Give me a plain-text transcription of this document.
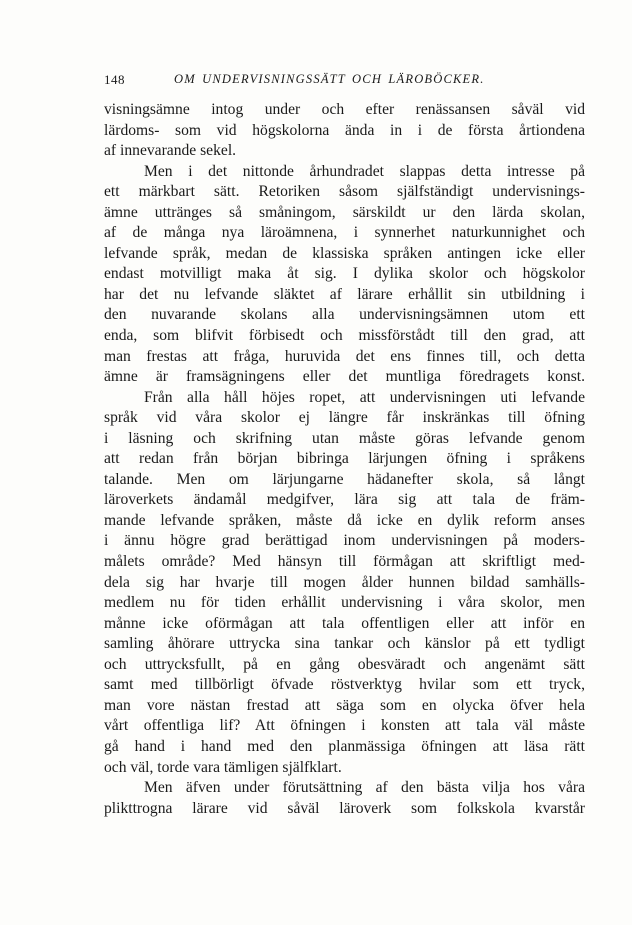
148	OM UNDERVISNINGSSÄTT OCH LÄROBÖCKER.
visningsämne intog under och efter renässansen såväl vid
lärdoms- som vid högskolorna ända in i de första årtiondena
af innevarande sekel.
Men i det nittonde århundradet slappas detta intresse på
ett märkbart sätt. Retoriken såsom själfständigt undervisnings-
ämne uttränges så småningom, särskildt ur den lärda skolan,
af de många nya läroämnena, i synnerhet naturkunnighet och
lefvande språk, medan de klassiska språken antingen icke eller
endast motvilligt maka åt sig. I dylika skolor och högskolor
har det nu lefvande släktet af lärare erhållit sin utbildning i
den nuvarande skolans alla undervisningsämnen utom ett
enda, som blifvit förbisedt och missförstådt till den grad, att
man frestas att fråga, huruvida det ens finnes till, och detta
ämne är framsägningens eller det muntliga föredragets konst.
Från alla håll höjes ropet, att undervisningen uti lefvande
språk vid våra skolor ej längre får inskränkas till öfning
i läsning och skrifning utan måste göras lefvande genom
att redan från början bibringa lärjungen öfning i språkens
talande. Men om lärjungarne hädanefter skola, så långt
läroverkets ändamål medgifver, lära sig att tala de främ-
mande lefvande språken, måste då icke en dylik reform anses
i ännu högre grad berättigad inom undervisningen på moders-
målets område? Med hänsyn till förmågan att skriftligt med-
dela sig har hvarje till mogen ålder hunnen bildad samhälls-
medlem nu för tiden erhållit undervisning i våra skolor, men
månne icke oförmågan att tala offentligen eller att inför en
samling åhörare uttrycka sina tankar och känslor på ett tydligt
och uttrycksfullt, på en gång obesväradt och angenämt sätt
samt med tillbörligt öfvade röstverktyg hvilar som ett tryck,
man vore nästan frestad att säga som en olycka öfver hela
vårt offentliga lif? Att öfningen i konsten att tala väl måste
gå hand i hand med den planmässiga öfningen att läsa rätt
och väl, torde vara tämligen själfklart.
Men äfven under förutsättning af den bästa vilja hos våra
plikttrogna lärare vid såväl läroverk som folkskola kvarstår
